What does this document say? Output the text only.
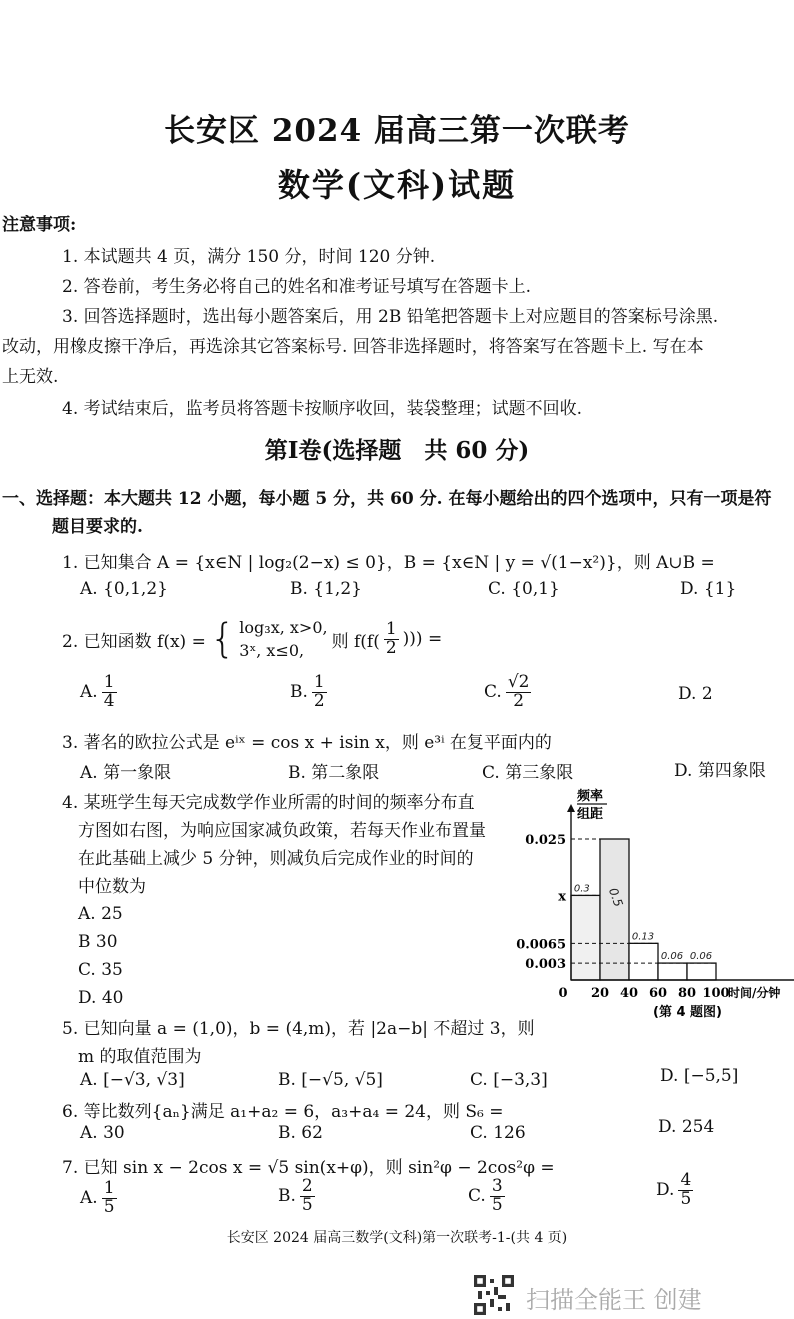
长安区 2024 届高三第一次联考
数学(文科)试题
注意事项:
1. 本试题共 4 页，满分 150 分，时间 120 分钟.
2. 答卷前，考生务必将自己的姓名和准考证号填写在答题卡上.
3. 回答选择题时，选出每小题答案后，用 2B 铅笔把答题卡上对应题目的答案标号涂黑.
改动，用橡皮擦干净后，再选涂其它答案标号. 回答非选择题时，将答案写在答题卡上. 写在本
上无效.
4. 考试结束后，监考员将答题卡按顺序收回，装袋整理；试题不回收.
第Ⅰ卷(选择题　共 60 分)
一、选择题：本大题共 12 小题，每小题 5 分，共 60 分. 在每小题给出的四个选项中，只有一项是符
题目要求的.
1. 已知集合 A = {x∈N | log₂(2−x) ≤ 0}，B = {x∈N | y = √(1−x²)}，则 A∪B =
A. {0,1,2}	B. {1,2}	C. {0,1}	D. {1}
2. 已知函数 f(x) = { log₃x, x>0,
3ˣ, x≤0,	则 $f(f( \frac{1}{2}$ ))) =
A. $\frac{1}{4}$	B. $\frac{1}{2}$	C. $\frac{√2}{2}$	D. 2
3. 著名的欧拉公式是 eⁱˣ = cos x + isin x，则 e³ⁱ 在复平面内的
A. 第一象限	B. 第二象限	C. 第三象限	D. 第四象限
4. 某班学生每天完成数学作业所需的时间的频率分布直
方图如右图，为响应国家减负政策，若每天作业布置量
在此基础上减少 5 分钟，则减负后完成作业的时间的
中位数为
A. 25
B 30
C. 35
D. 40
频率
组距
0.025
x
0.0065
0.003
0 20 40 60 80 100
时间/分钟
0.3 0.5
0.13
0.06 0.06
(第 4 题图)
5. 已知向量 a = (1,0)，b = (4,m)，若 |2a−b| 不超过 3，则
m 的取值范围为
A. [−√3, √3]	B. [−√5, √5]	C. [−3,3]	D. [−5,5]
6. 等比数列{aₙ}满足 a₁+a₂ = 6，a₃+a₄ = 24，则 S₆ =
A. 30	B. 62	C. 126	D. 254
7. 已知 sin x − 2cos x = √5 sin(x+φ)，则 sin²φ − 2cos²φ =
A. $\frac{1}{5}$	B. $\frac{2}{5}$	C. $\frac{3}{5}$	D. $\frac{4}{5}$
长安区 2024 届高三数学(文科)第一次联考-1-(共 4 页)
扫描全能王 创建
